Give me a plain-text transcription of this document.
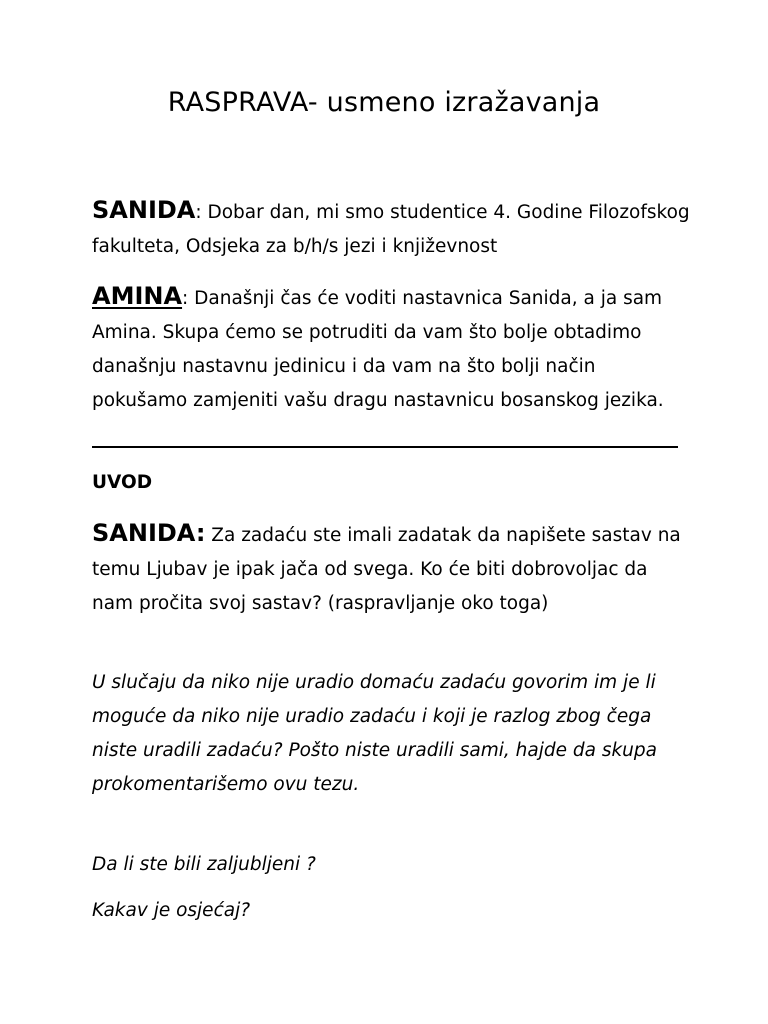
RASPRAVA- usmeno izražavanja

SANIDA: Dobar dan, mi smo studentice 4. Godine Filozofskog fakulteta, Odsjeka za b/h/s jezi i književnost

AMINA: Današnji čas će voditi nastavnica Sanida, a ja sam Amina. Skupa ćemo se potruditi da vam što bolje obtadimo današnju nastavnu jedinicu i da vam na što bolji način pokušamo zamjeniti vašu dragu nastavnicu bosanskog jezika.

UVOD

SANIDA: Za zadaću ste imali zadatak da napišete sastav na temu Ljubav je ipak jača od svega. Ko će biti dobrovoljac da nam pročita svoj sastav? (raspravljanje oko toga)

U slučaju da niko nije uradio domaću zadaću govorim im je li moguće da niko nije uradio zadaću i koji je razlog zbog čega niste uradili zadaću? Pošto niste uradili sami, hajde da skupa prokomentarišemo ovu tezu.

Da li ste bili zaljubljeni ?

Kakav je osjećaj?
